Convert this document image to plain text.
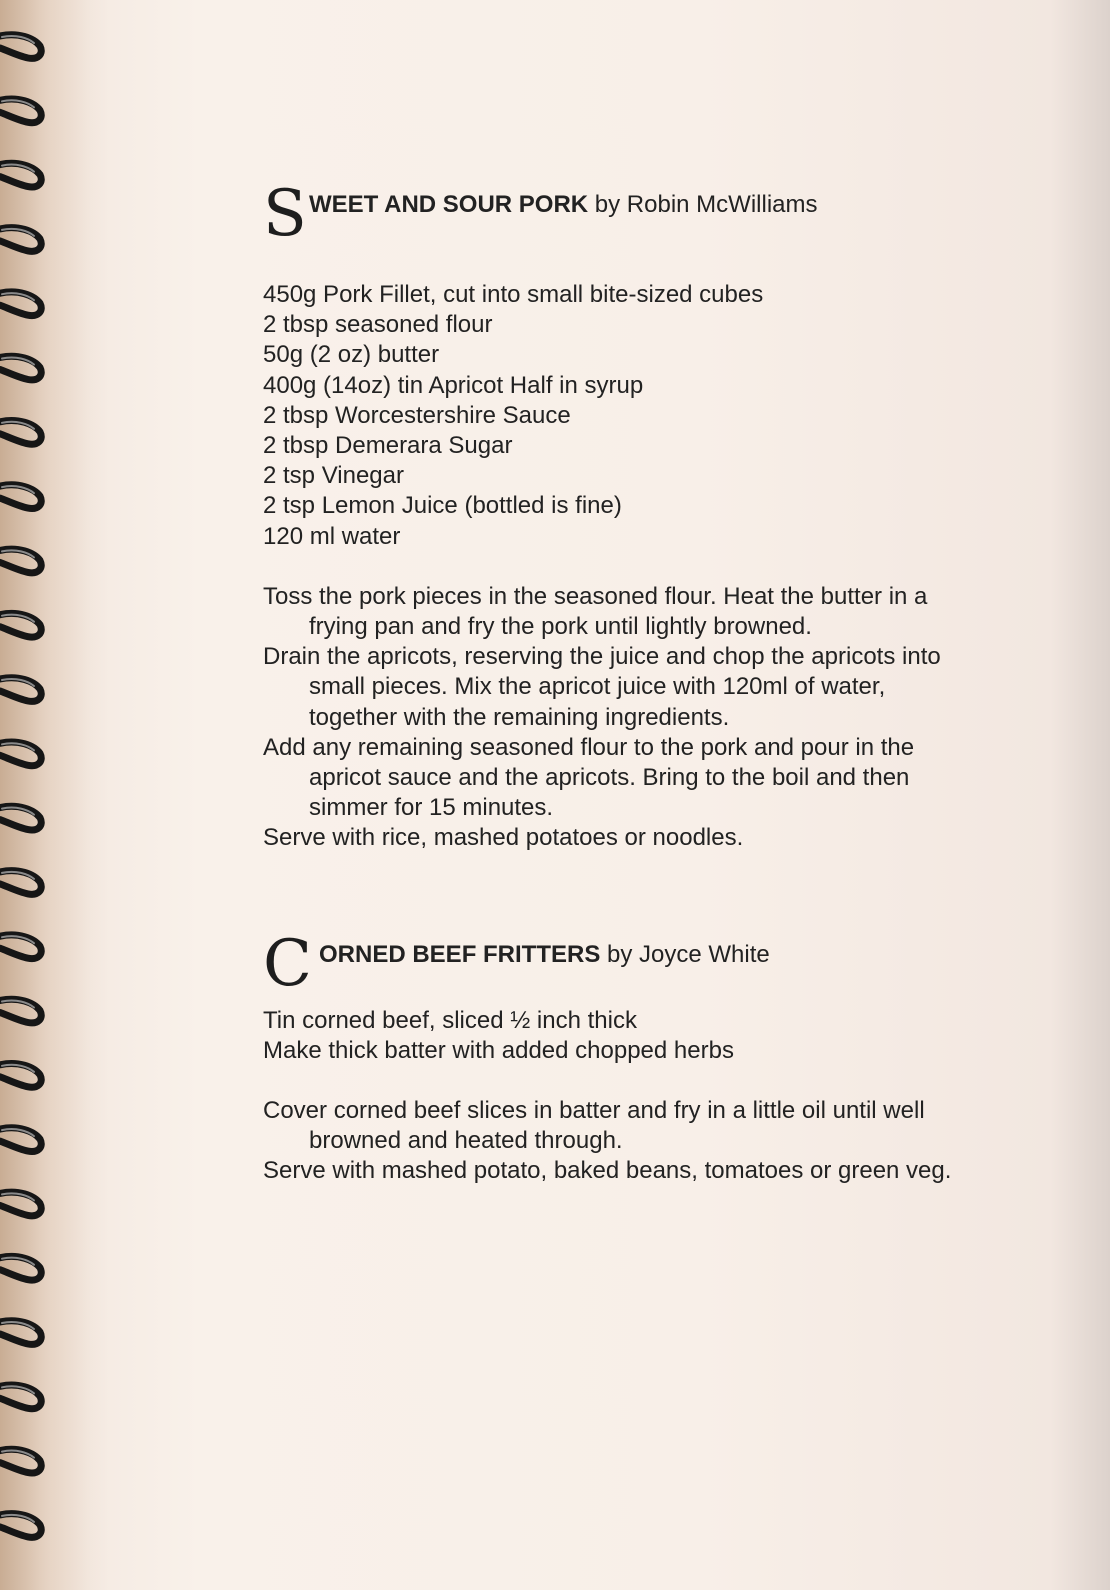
S WEET AND SOUR PORK by Robin McWilliams
450g Pork Fillet, cut into small bite-sized cubes
2 tbsp seasoned flour
50g (2 oz) butter
400g (14oz) tin Apricot Half in syrup
2 tbsp Worcestershire Sauce
2 tbsp Demerara Sugar
2 tsp Vinegar
2 tsp Lemon Juice (bottled is fine)
120 ml water

Toss the pork pieces in the seasoned flour. Heat the butter in a frying pan and fry the pork until lightly browned.

Drain the apricots, reserving the juice and chop the apricots into small pieces. Mix the apricot juice with 120ml of water, together with the remaining ingredients.

Add any remaining seasoned flour to the pork and pour in the apricot sauce and the apricots. Bring to the boil and then simmer for 15 minutes.

Serve with rice, mashed potatoes or noodles.

C ORNED BEEF FRITTERS by Joyce White
Tin corned beef, sliced ½ inch thick
Make thick batter with added chopped herbs

Cover corned beef slices in batter and fry in a little oil until well browned and heated through.

Serve with mashed potato, baked beans, tomatoes or green veg.
